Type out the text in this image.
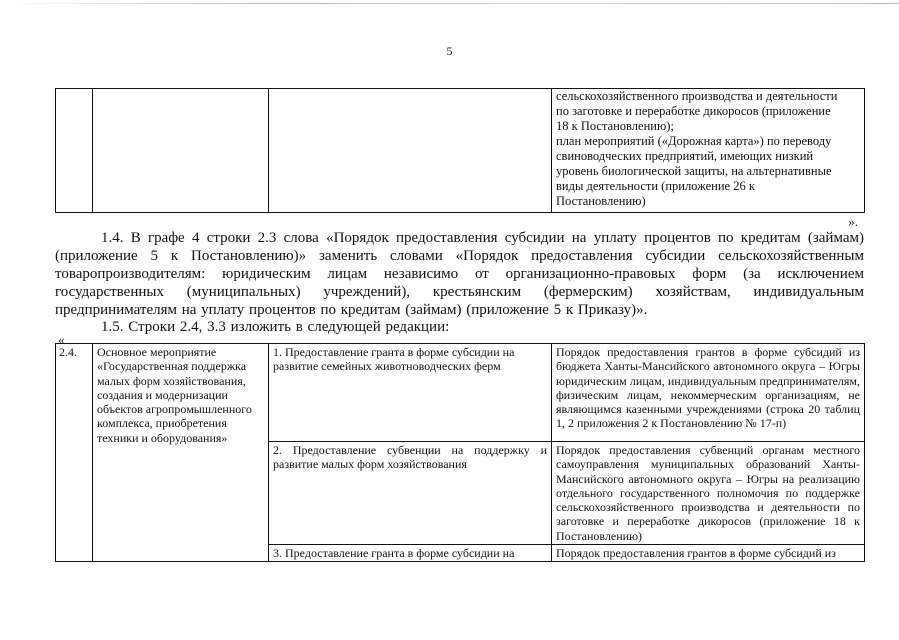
5

сельскохозяйственного производства и деятельности
по заготовке и переработке дикоросов (приложение
18 к Постановлению);
план мероприятий («Дорожная карта») по переводу
свиноводческих предприятий, имеющих низкий
уровень биологической защиты, на альтернативные
виды деятельности (приложение 26 к
Постановлению)
».
1.4. В графе 4 строки 2.3 слова «Порядок предоставления субсидии на уплату процентов по кредитам (займам) (приложение 5 к Постановлению)» заменить словами «Порядок предоставления субсидии сельскохозяйственным товаропроизводителям: юридическим лицам независимо от организационно-правовых форм (за исключением государственных (муниципальных) учреждений), крестьянским (фермерским) хозяйствам, индивидуальным предпринимателям на уплату процентов по кредитам (займам) (приложение 5 к Приказу)».
1.5. Строки 2.4, 3.3 изложить в следующей редакции:
«
2.4.	Основное мероприятие «Государственная поддержка малых форм хозяйствования, создания и модернизации объектов агропромышленного комплекса, приобретения техники и оборудования»	1. Предоставление гранта в форме субсидии на развитие семейных животноводческих ферм	Порядок предоставления грантов в форме субсидий из бюджета Ханты-Мансийского автономного округа – Югры юридическим лицам, индивидуальным предпринимателям, физическим лицам, некоммерческим организациям, не являющимся казенными учреждениями (строка 20 таблиц 1, 2 приложения 2 к Постановлению № 17-п)
		2. Предоставление субвенции на поддержку и развитие малых форм хозяйствования	Порядок предоставления субвенций органам местного самоуправления муниципальных образований Ханты-Мансийского автономного округа – Югры на реализацию отдельного государственного полномочия по поддержке сельскохозяйственного производства и деятельности по заготовке и переработке дикоросов (приложение 18 к Постановлению)
		3. Предоставление гранта в форме субсидии на	Порядок предоставления грантов в форме субсидий из
